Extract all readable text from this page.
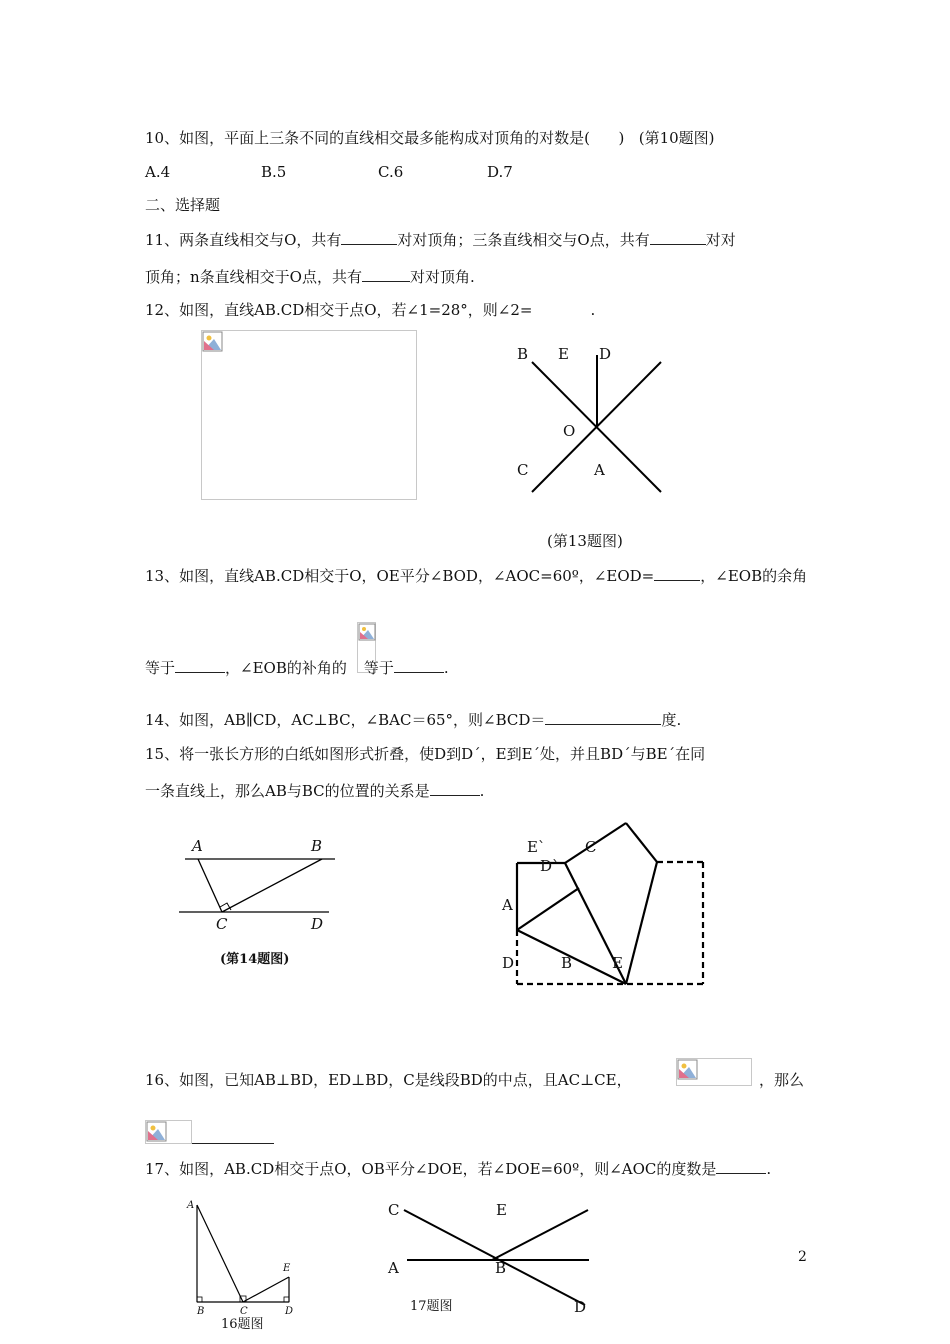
10、如图，平面上三条不同的直线相交最多能构成对顶角的对数是(      ) (第10题图)
A.4	B.5	C.6	D.7
二、选择题
11、两条直线相交与O，共有	对对顶角；三条直线相交与O点，共有	对对
顶角；n条直线相交于O点，共有	对对顶角.
12、如图，直线AB.CD相交于点O，若∠1=28°，则∠2=	.
B E D
O
C	A
(第13题图)
13、如图，直线AB.CD相交于O，OE平分∠BOD，∠AOC=60º，∠EOD=	，∠EOB的余角
等于	，∠EOB的补角的 等于	.
14、如图，AB∥CD，AC⊥BC，∠BAC＝65°，则∠BCD＝	度.
15、将一张长方形的白纸如图形式折叠，使D到D´，E到E´处，并且BD´与BE´在同
一条直线上，那么AB与BC的位置的关系是	.
A	B
C	D
(第14题图)
E`	C
D`
A
D	B	E
16、如图，已知AB⊥BD，ED⊥BD，C是线段BD的中点，且AC⊥CE，	，那么
17、如图，AB.CD相交于点O，OB平分∠DOE，若∠DOE=60º，则∠AOC的度数是	.
A
E
B	C	D
16题图
C	E
A	B
D
17题图
2
